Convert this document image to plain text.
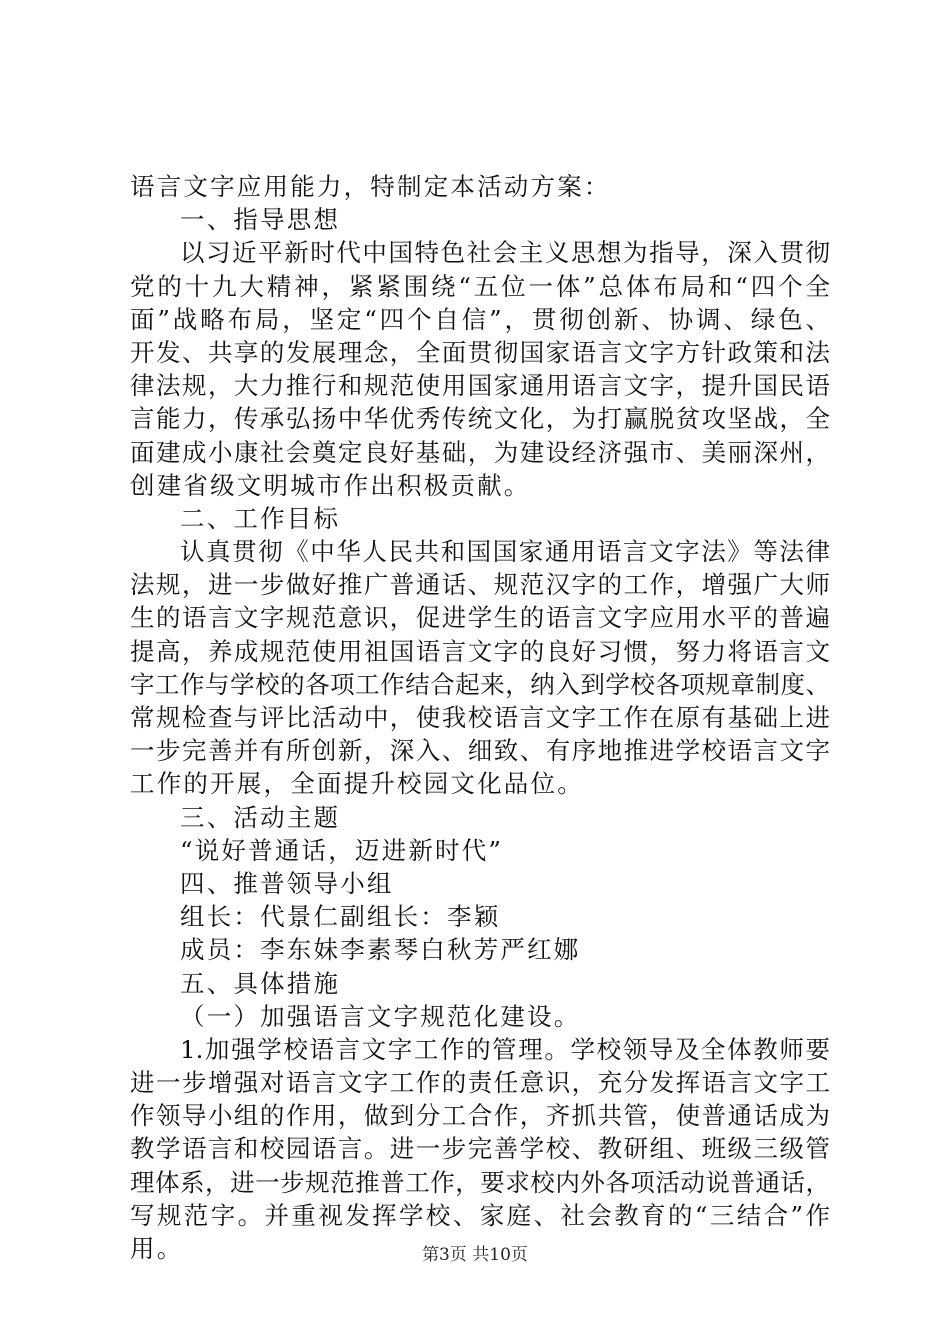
语言文字应用能力，特制定本活动方案：
一、指导思想
以习近平新时代中国特色社会主义思想为指导，深入贯彻
党的十九大精神，紧紧围绕“五位一体”总体布局和“四个全
面”战略布局，坚定“四个自信”，贯彻创新、协调、绿色、
开发、共享的发展理念，全面贯彻国家语言文字方针政策和法
律法规，大力推行和规范使用国家通用语言文字，提升国民语
言能力，传承弘扬中华优秀传统文化，为打赢脱贫攻坚战，全
面建成小康社会奠定良好基础，为建设经济强市、美丽深州，
创建省级文明城市作出积极贡献。
二、工作目标
认真贯彻《中华人民共和国国家通用语言文字法》等法律
法规，进一步做好推广普通话、规范汉字的工作，增强广大师
生的语言文字规范意识，促进学生的语言文字应用水平的普遍
提高，养成规范使用祖国语言文字的良好习惯，努力将语言文
字工作与学校的各项工作结合起来，纳入到学校各项规章制度、
常规检查与评比活动中，使我校语言文字工作在原有基础上进
一步完善并有所创新，深入、细致、有序地推进学校语言文字
工作的开展，全面提升校园文化品位。
三、活动主题
“说好普通话，迈进新时代”
四、推普领导小组
组长：代景仁副组长：李颖
成员：李东妹李素琴白秋芳严红娜
五、具体措施
（一）加强语言文字规范化建设。
1.加强学校语言文字工作的管理。学校领导及全体教师要
进一步增强对语言文字工作的责任意识，充分发挥语言文字工
作领导小组的作用，做到分工合作，齐抓共管，使普通话成为
教学语言和校园语言。进一步完善学校、教研组、班级三级管
理体系，进一步规范推普工作，要求校内外各项活动说普通话，
写规范字。并重视发挥学校、家庭、社会教育的“三结合”作
用。	第3页 共10页
